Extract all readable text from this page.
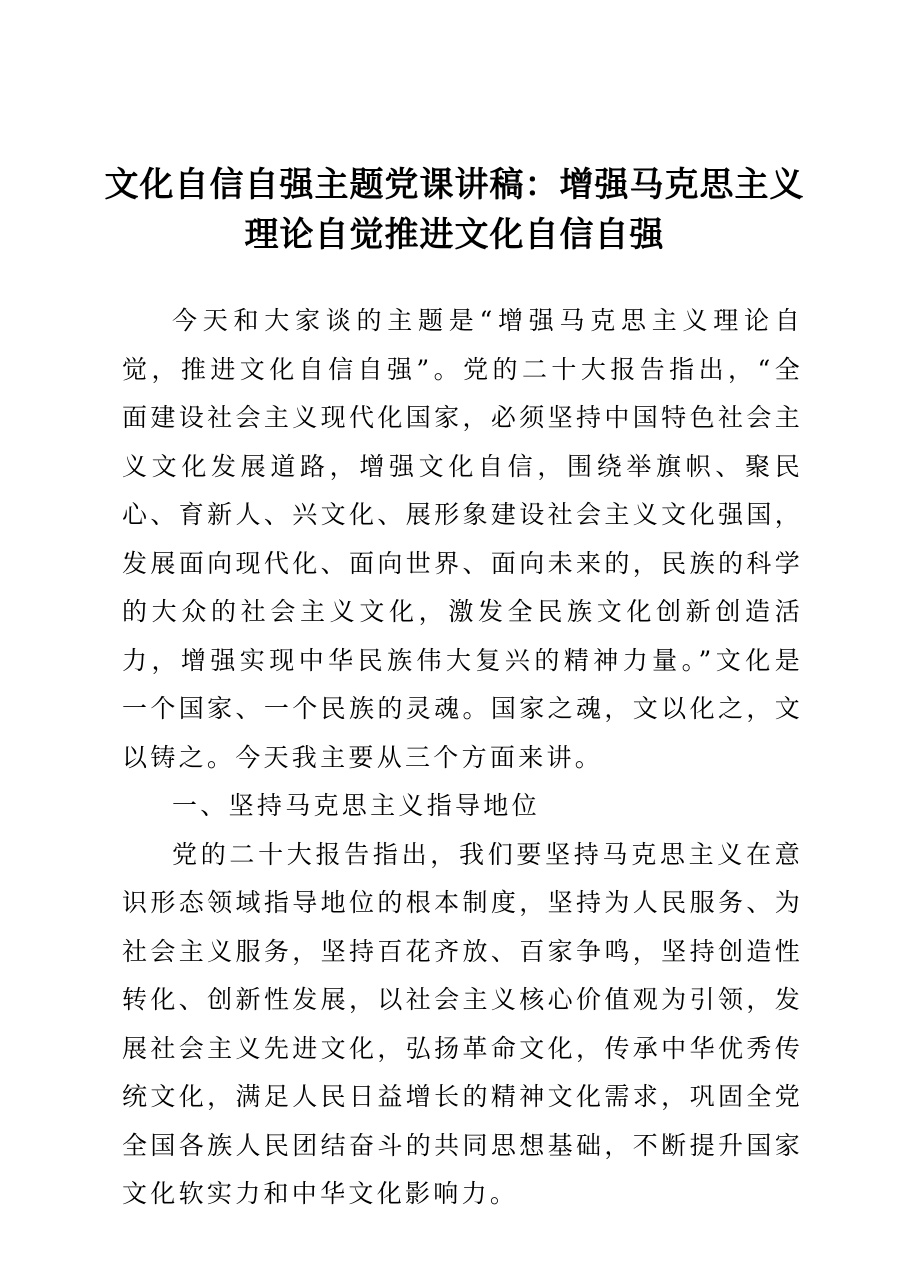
文化自信自强主题党课讲稿：增强马克思主义
理论自觉推进文化自信自强

今天和大家谈的主题是“增强马克思主义理论自觉，推进文化自信自强”。党的二十大报告指出，“全面建设社会主义现代化国家，必须坚持中国特色社会主义文化发展道路，增强文化自信，围绕举旗帜、聚民心、育新人、兴文化、展形象建设社会主义文化强国，发展面向现代化、面向世界、面向未来的，民族的科学的大众的社会主义文化，激发全民族文化创新创造活力，增强实现中华民族伟大复兴的精神力量。”文化是一个国家、一个民族的灵魂。国家之魂，文以化之，文以铸之。今天我主要从三个方面来讲。

一、坚持马克思主义指导地位

党的二十大报告指出，我们要坚持马克思主义在意识形态领域指导地位的根本制度，坚持为人民服务、为社会主义服务，坚持百花齐放、百家争鸣，坚持创造性转化、创新性发展，以社会主义核心价值观为引领，发展社会主义先进文化，弘扬革命文化，传承中华优秀传统文化，满足人民日益增长的精神文化需求，巩固全党全国各族人民团结奋斗的共同思想基础，不断提升国家文化软实力和中华文化影响力。
